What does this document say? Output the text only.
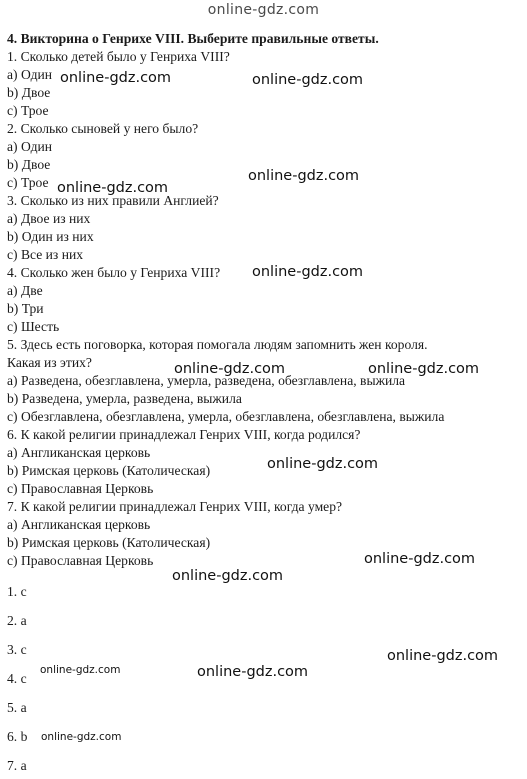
online-gdz.com
4. Викторина о Генрихе VIII. Выберите правильные ответы.
1. Сколько детей было у Генриха VIII?
a) Один
b) Двое
c) Трое
2. Сколько сыновей у него было?
a) Один
b) Двое
c) Трое
3. Сколько из них правили Англией?
a) Двое из них
b) Один из них
c) Все из них
4. Сколько жен было у Генриха VIII?
a) Две
b) Три
c) Шесть
5. Здесь есть поговорка, которая помогала людям запомнить жен короля.
Какая из этих?
a) Разведена, обезглавлена, умерла, разведена, обезглавлена, выжила
b) Разведена, умерла, разведена, выжила
c) Обезглавлена, обезглавлена, умерла, обезглавлена, обезглавлена, выжила
6. К какой религии принадлежал Генрих VIII, когда родился?
a) Англиканская церковь
b) Римская церковь (Католическая)
c) Православная Церковь
7. К какой религии принадлежал Генрих VIII, когда умер?
a) Англиканская церковь
b) Римская церковь (Католическая)
c) Православная Церковь
1. с
2. а
3. с
4. с
5. а
6. b
7. а
online-gdz.com	online-gdz.com
online-gdz.com
online-gdz.com
online-gdz.com
online-gdz.com	online-gdz.com
online-gdz.com
online-gdz.com
online-gdz.com
online-gdz.com
online-gdz.com
online-gdz.com
online-gdz.com
